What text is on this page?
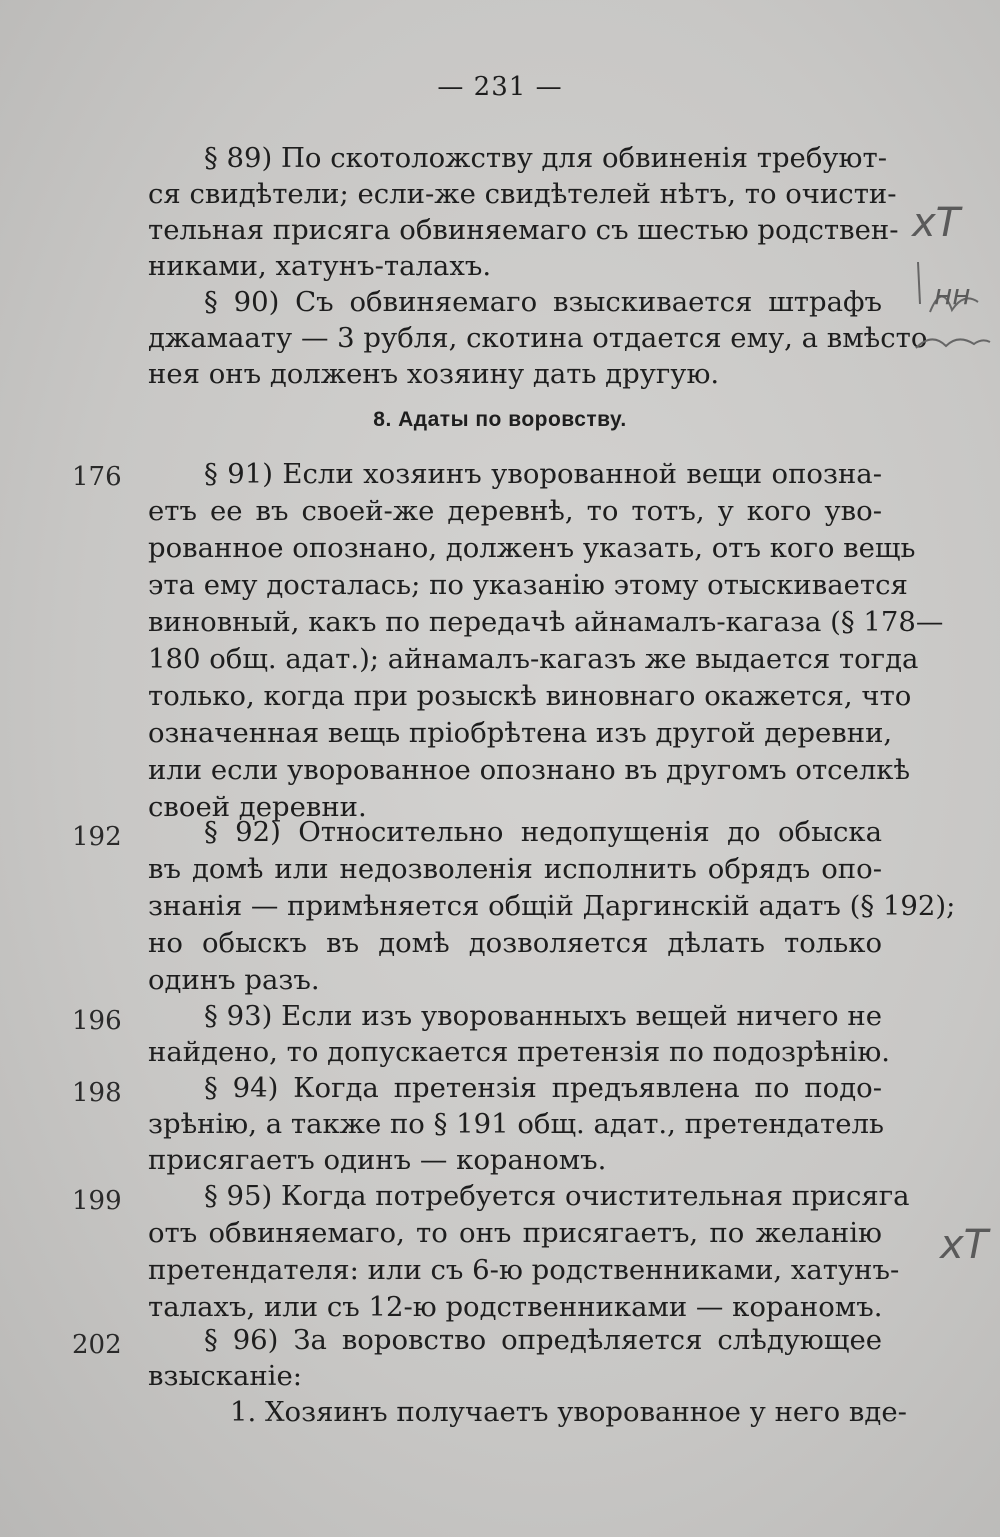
— 231 —
§ 89) По скотоложству для обвиненія требуют-
ся свидѣтели; если-же свидѣтелей нѣтъ, то очисти-
тельная присяга обвиняемаго съ шестью родствен-
никами, хатунъ-талахъ.
§ 90) Съ обвиняемаго взыскивается штрафъ
джамаату — 3 рубля, скотина отдается ему, а вмѣсто
нея онъ долженъ хозяину дать другую.
8. Адаты по воровству.
§ 91) Если хозяинъ уворованной вещи опозна-
етъ ее въ своей-же деревнѣ, то тотъ, у кого уво-
рованное опознано, долженъ указать, отъ кого вещь
эта ему досталась; по указанію этому отыскивается
виновный, какъ по передачѣ айнамалъ-кагаза (§ 178—
180 общ. адат.); айнамалъ-кагазъ же выдается тогда
только, когда при розыскѣ виновнаго окажется, что
означенная вещь пріобрѣтена изъ другой деревни,
или если уворованное опознано въ другомъ отселкѣ
своей деревни.
§ 92) Относительно недопущенія до обыска
въ домѣ или недозволенія исполнить обрядъ опо-
знанія — примѣняется общій Даргинскій адатъ (§ 192);
но обыскъ въ домѣ дозволяется дѣлать только
одинъ разъ.
§ 93) Если изъ уворованныхъ вещей ничего не
найдено, то допускается претензія по подозрѣнію.
§ 94) Когда претензія предъявлена по подо-
зрѣнію, а также по § 191 общ. адат., претендатель
присягаетъ одинъ — кораномъ.
§ 95) Когда потребуется очистительная присяга
отъ обвиняемаго, то онъ присягаетъ, по желанію
претендателя: или съ 6-ю родственниками, хатунъ-
талахъ, или съ 12-ю родственниками — кораномъ.
§ 96) За воровство опредѣляется слѣдующее
взысканіе:
1. Хозяинъ получаетъ уворованное у него вде-
176
192
196
198
199
202
хТ
нн
хТ
